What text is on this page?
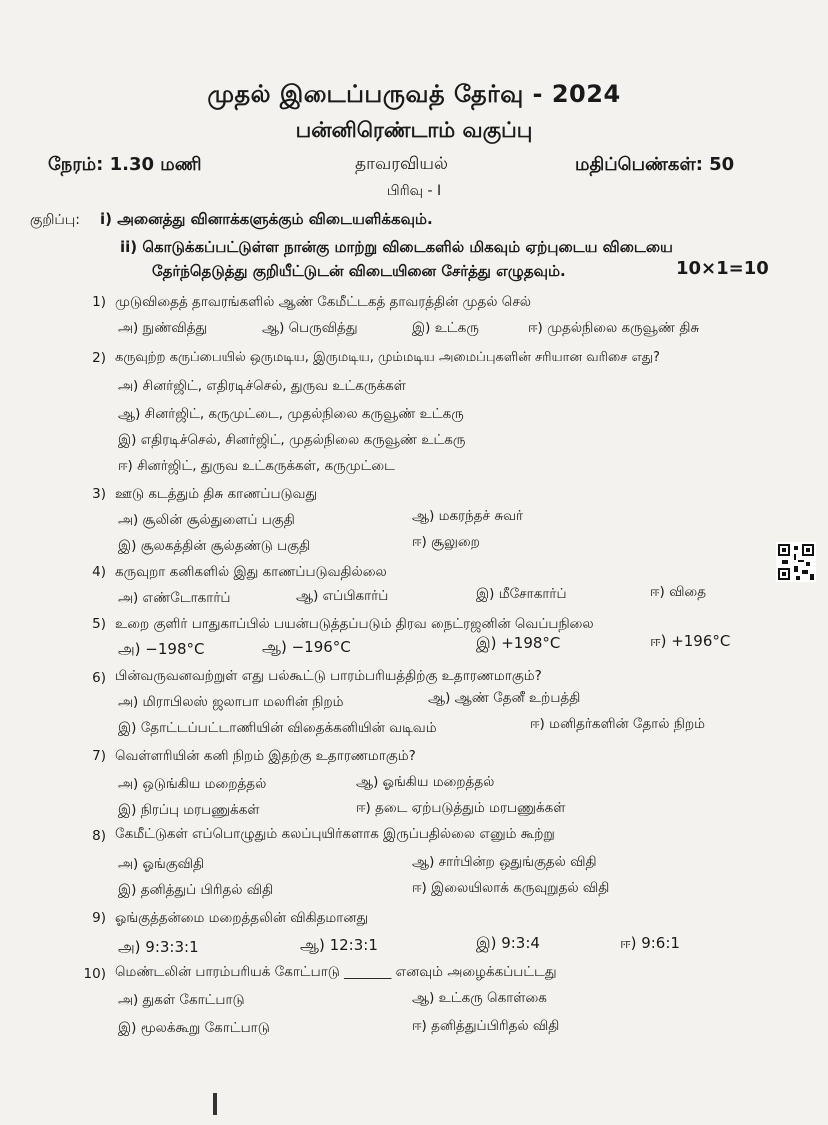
முதல் இடைப்பருவத் தேர்வு - 2024
பன்னிரெண்டாம் வகுப்பு
நேரம்: 1.30 மணி	தாவரவியல்	மதிப்பெண்கள்: 50
பிரிவு - I
குறிப்பு: i) அனைத்து வினாக்களுக்கும் விடையளிக்கவும்.
ii) கொடுக்கப்பட்டுள்ள நான்கு மாற்று விடைகளில் மிகவும் ஏற்புடைய விடையை
தேர்ந்தெடுத்து குறியீட்டுடன் விடையினை சேர்த்து எழுதவும்.	10×1=10
1) முடுவிதைத் தாவரங்களில் ஆண் கேமீட்டகத் தாவரத்தின் முதல் செல்
அ) நுண்வித்து	ஆ) பெருவித்து	இ) உட்கரு	ஈ) முதல்நிலை கருவூண் திசு
2) கருவுற்ற கருப்பையில் ஒருமடிய, இருமடிய, மும்மடிய அமைப்புகளின் சரியான வரிசை எது?
அ) சினர்ஜிட், எதிரடிச்செல், துருவ உட்கருக்கள்
ஆ) சினர்ஜிட், கருமுட்டை, முதல்நிலை கருவூண் உட்கரு
இ) எதிரடிச்செல், சினர்ஜிட், முதல்நிலை கருவூண் உட்கரு
ஈ) சினர்ஜிட், துருவ உட்கருக்கள், கருமுட்டை
3) ஊடு கடத்தும் திசு காணப்படுவது
அ) சூலின் சூல்துளைப் பகுதி	ஆ) மகரந்தச் சுவர்
இ) சூலகத்தின் சூல்தண்டு பகுதி	ஈ) சூலுறை
4) கருவுறா கனிகளில் இது காணப்படுவதில்லை
அ) எண்டோகார்ப்	ஆ) எப்பிகார்ப்	இ) மீசோகார்ப்	ஈ) விதை
5) உறை குளிர் பாதுகாப்பில் பயன்படுத்தப்படும் திரவ நைட்ரஜனின் வெப்பநிலை
அ) −198°C	ஆ) −196°C	இ) +198°C	ஈ) +196°C
6) பின்வருவனவற்றுள் எது பல்கூட்டு பாரம்பரியத்திற்கு உதாரணமாகும்?
அ) மிராபிலஸ் ஜலாபா மலரின் நிறம்	ஆ) ஆண் தேனீ உற்பத்தி
இ) தோட்டப்பட்டாணியின் விதைக்கனியின் வடிவம்	ஈ) மனிதர்களின் தோல் நிறம்
7) வெள்ளரியின் கனி நிறம் இதற்கு உதாரணமாகும்?
அ) ஒடுங்கிய மறைத்தல்	ஆ) ஓங்கிய மறைத்தல்
இ) நிரப்பு மரபணுக்கள்	ஈ) தடை ஏற்படுத்தும் மரபணுக்கள்
8) கேமீட்டுகள் எப்பொழுதும் கலப்புயிர்களாக இருப்பதில்லை எனும் கூற்று
அ) ஓங்குவிதி	ஆ) சார்பின்ற ஒதுங்குதல் விதி
இ) தனித்துப் பிரிதல் விதி	ஈ) இலையிலாக் கருவுறுதல் விதி
9) ஓங்குத்தன்மை மறைத்தலின் விகிதமானது
அ) 9:3:3:1	ஆ) 12:3:1	இ) 9:3:4	ஈ) 9:6:1
10) மெண்டலின் பாரம்பரியக் கோட்பாடு _______ எனவும் அழைக்கப்பட்டது
அ) துகள் கோட்பாடு	ஆ) உட்கரு கொள்கை
இ) மூலக்கூறு கோட்பாடு	ஈ) தனித்துப்பிரிதல் விதி
